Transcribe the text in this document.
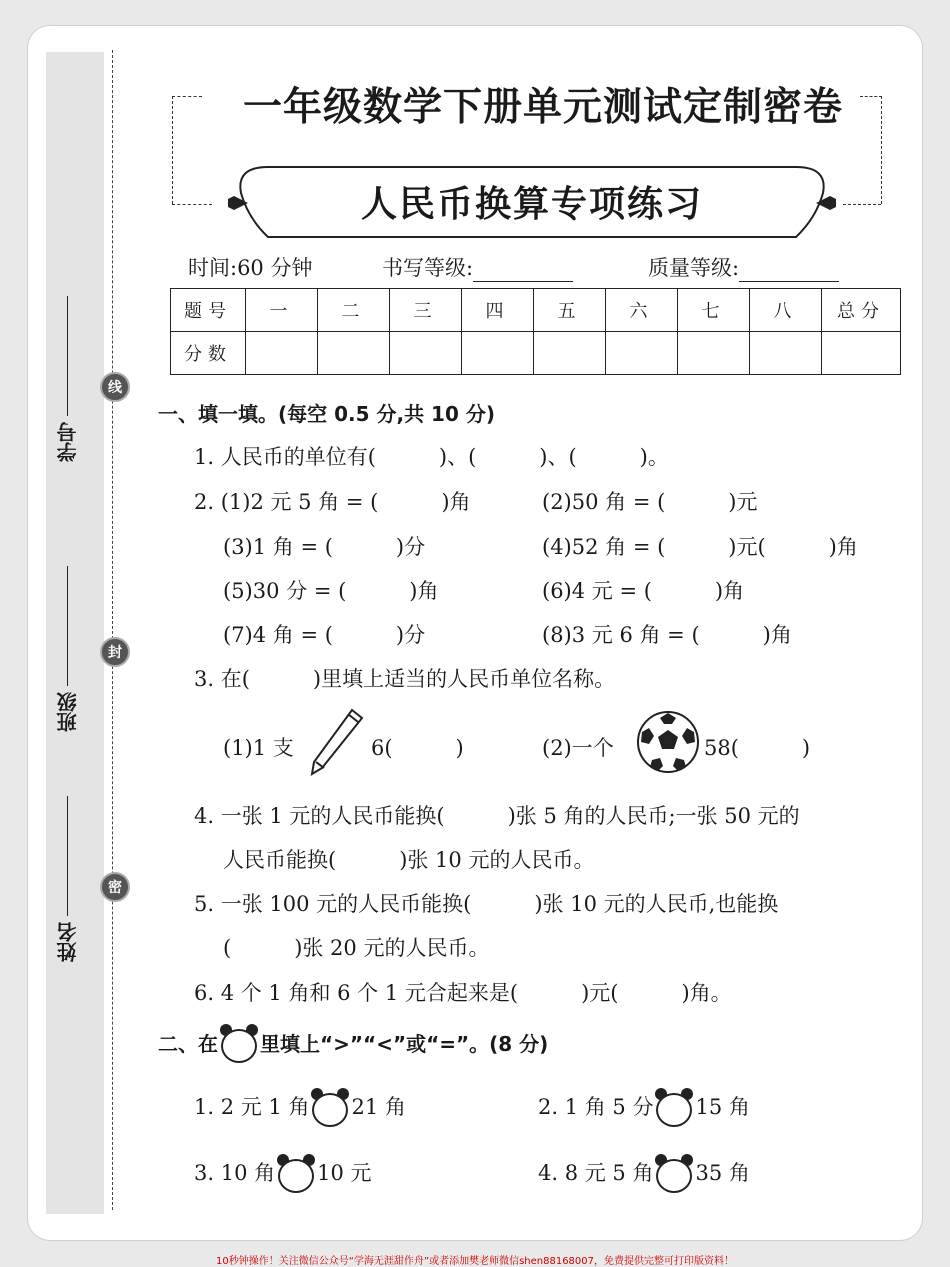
学号
班级
姓名
线
封
密
一年级数学下册单元测试定制密卷
人民币换算专项练习
时间:60 分钟	书写等级:	质量等级:
题号	一	二	三	四	五	六	七	八	总分
分数									
一、填一填。(每空 0.5 分,共 10 分)
1. 人民币的单位有(　　　)、(　　　)、(　　　)。
2. (1)2 元 5 角 = (　　　)角	(2)50 角 = (　　　)元
(3)1 角 = (　　　)分	(4)52 角 = (　　　)元(　　　)角
(5)30 分 = (　　　)角	(6)4 元 = (　　　)角
(7)4 角 = (　　　)分	(8)3 元 6 角 = (　　　)角
3. 在(　　　)里填上适当的人民币单位名称。
(1)1 支	6(　　　)	(2)一个	58(　　　)
4. 一张 1 元的人民币能换(　　　)张 5 角的人民币;一张 50 元的
人民币能换(　　　)张 10 元的人民币。
5. 一张 100 元的人民币能换(　　　)张 10 元的人民币,也能换
(　　　)张 20 元的人民币。
6. 4 个 1 角和 6 个 1 元合起来是(　　　)元(　　　)角。
二、在 里填上“>”“<”或“=”。(8 分)
1. 2 元 1 角 21 角	2. 1 角 5 分 15 角
3. 10 角 10 元	4. 8 元 5 角 35 角
10秒钟操作！关注微信公众号“学海无涯甜作舟”或者添加樊老师微信shen88168007，免费提供完整可打印版资料！
